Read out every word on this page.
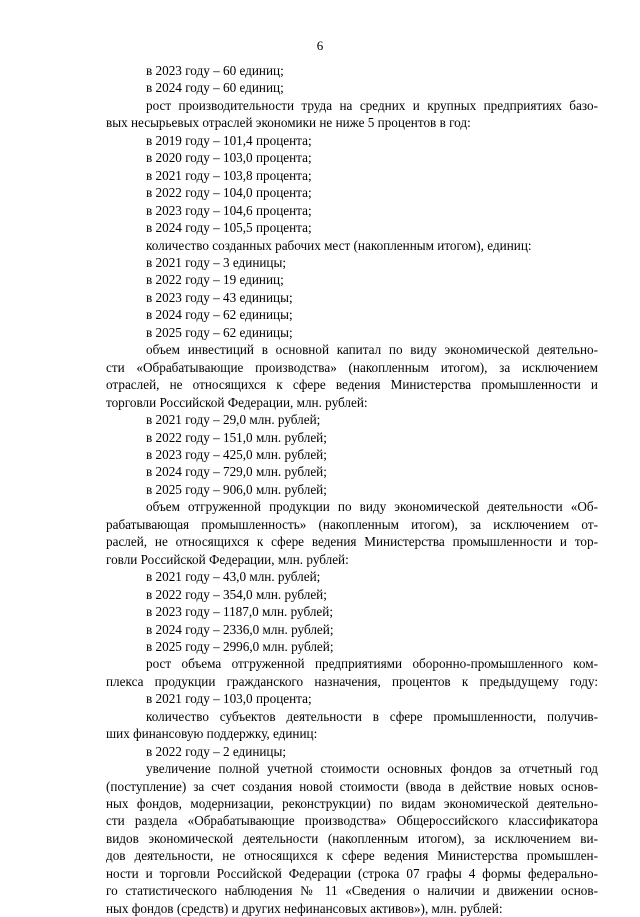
6
в 2023 году – 60 единиц;
в 2024 году – 60 единиц;
рост производительности труда на средних и крупных предприятиях базо-
вых несырьевых отраслей экономики не ниже 5 процентов в год:
в 2019 году – 101,4 процента;
в 2020 году – 103,0 процента;
в 2021 году – 103,8 процента;
в 2022 году – 104,0 процента;
в 2023 году – 104,6 процента;
в 2024 году – 105,5 процента;
количество созданных рабочих мест (накопленным итогом), единиц:
в 2021 году – 3 единицы;
в 2022 году – 19 единиц;
в 2023 году – 43 единицы;
в 2024 году – 62 единицы;
в 2025 году – 62 единицы;
объем инвестиций в основной капитал по виду экономической деятельно-
сти «Обрабатывающие производства» (накопленным итогом), за исключением
отраслей, не относящихся к сфере ведения Министерства промышленности и
торговли Российской Федерации, млн. рублей:
в 2021 году – 29,0 млн. рублей;
в 2022 году – 151,0 млн. рублей;
в 2023 году – 425,0 млн. рублей;
в 2024 году – 729,0 млн. рублей;
в 2025 году – 906,0 млн. рублей;
объем отгруженной продукции по виду экономической деятельности «Об-
рабатывающая промышленность» (накопленным итогом), за исключением от-
раслей, не относящихся к сфере ведения Министерства промышленности и тор-
говли Российской Федерации, млн. рублей:
в 2021 году – 43,0 млн. рублей;
в 2022 году – 354,0 млн. рублей;
в 2023 году – 1187,0 млн. рублей;
в 2024 году – 2336,0 млн. рублей;
в 2025 году – 2996,0 млн. рублей;
рост объема отгруженной предприятиями оборонно-промышленного ком-
плекса продукции гражданского назначения, процентов к предыдущему году:
в 2021 году – 103,0 процента;
количество субъектов деятельности в сфере промышленности, получив-
ших финансовую поддержку, единиц:
в 2022 году – 2 единицы;
увеличение полной учетной стоимости основных фондов за отчетный год
(поступление) за счет создания новой стоимости (ввода в действие новых основ-
ных фондов, модернизации, реконструкции) по видам экономической деятельно-
сти раздела «Обрабатывающие производства» Общероссийского классификатора
видов экономической деятельности (накопленным итогом), за исключением ви-
дов деятельности, не относящихся к сфере ведения Министерства промышлен-
ности и торговли Российской Федерации (строка 07 графы 4 формы федерально-
го статистического наблюдения № 11 «Сведения о наличии и движении основ-
ных фондов (средств) и других нефинансовых активов»), млн. рублей:
